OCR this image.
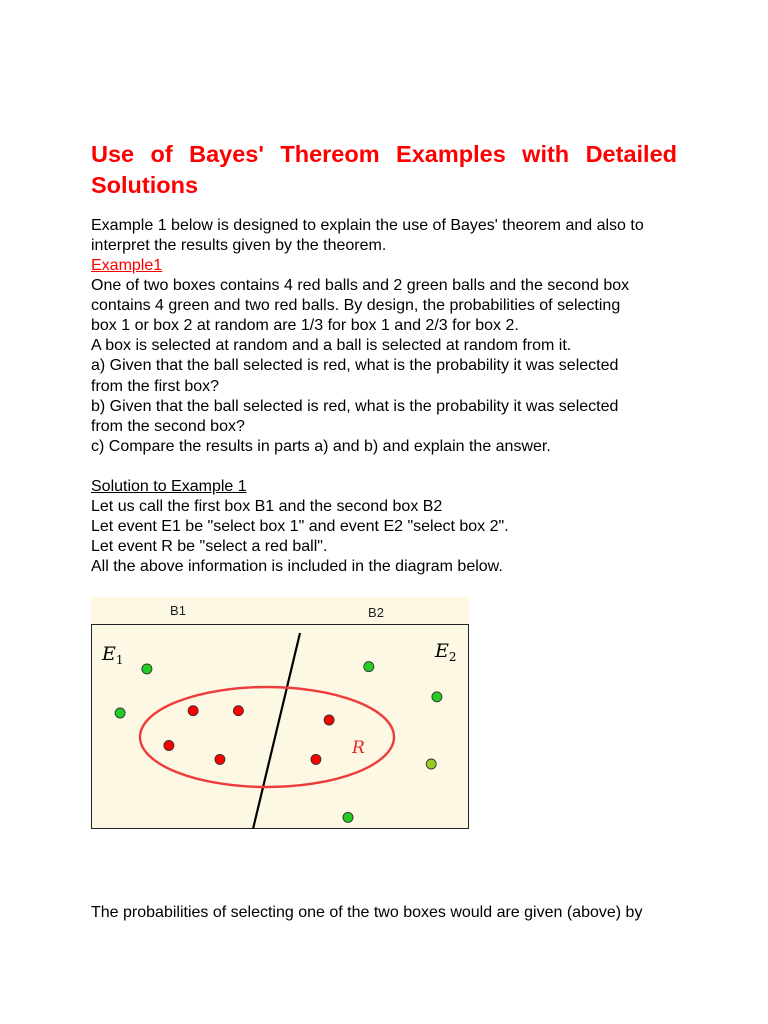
Use of Bayes' Thereom Examples with Detailed Solutions

Example 1 below is designed to explain the use of Bayes' theorem and also to

interpret the results given by the theorem.

Example1

One of two boxes contains 4 red balls and 2 green balls and the second box

contains 4 green and two red balls. By design, the probabilities of selecting

box 1 or box 2 at random are 1/3 for box 1 and 2/3 for box 2.

A box is selected at random and a ball is selected at random from it.

a) Given that the ball selected is red, what is the probability it was selected

from the first box?

b) Given that the ball selected is red, what is the probability it was selected

from the second box?

c) Compare the results in parts a) and b) and explain the answer.

Solution to Example 1

Let us call the first box B1 and the second box B2

Let event E1 be "select box 1" and event E2 "select box 2".

Let event R be "select a red ball".

All the above information is included in the diagram below.

B1	B2
$E_1$	$E_2$
R

The probabilities of selecting one of the two boxes would are given (above) by
